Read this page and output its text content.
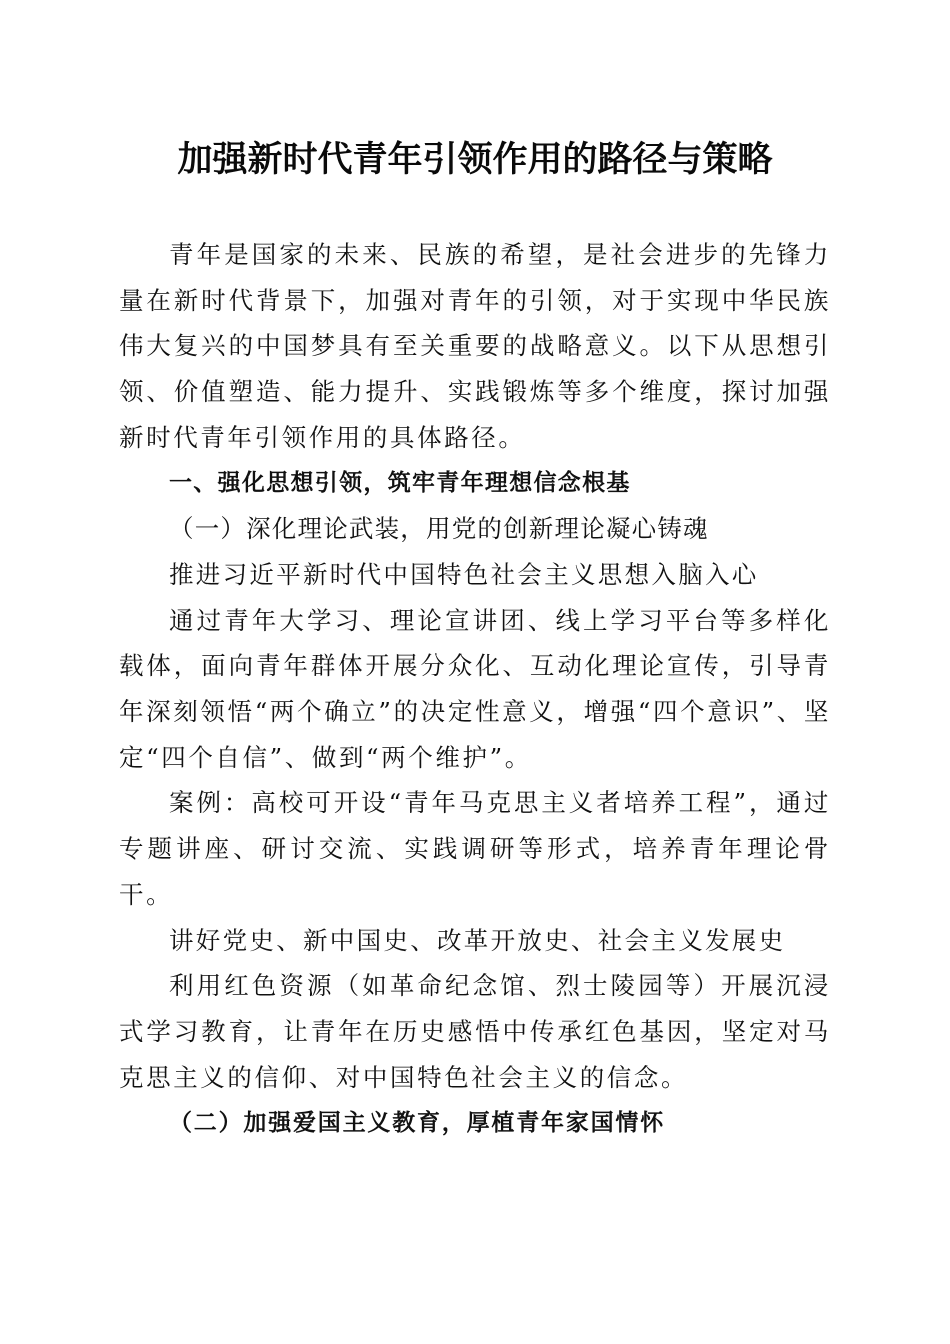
加强新时代青年引领作用的路径与策略

青年是国家的未来、民族的希望，是社会进步的先锋力量在新时代背景下，加强对青年的引领，对于实现中华民族伟大复兴的中国梦具有至关重要的战略意义。以下从思想引领、价值塑造、能力提升、实践锻炼等多个维度，探讨加强新时代青年引领作用的具体路径。

一、强化思想引领，筑牢青年理想信念根基

（一）深化理论武装，用党的创新理论凝心铸魂

推进习近平新时代中国特色社会主义思想入脑入心

通过青年大学习、理论宣讲团、线上学习平台等多样化载体，面向青年群体开展分众化、互动化理论宣传，引导青年深刻领悟“两个确立”的决定性意义，增强“四个意识”、坚定“四个自信”、做到“两个维护”。

案例：高校可开设“青年马克思主义者培养工程”，通过专题讲座、研讨交流、实践调研等形式，培养青年理论骨干。

讲好党史、新中国史、改革开放史、社会主义发展史

利用红色资源（如革命纪念馆、烈士陵园等）开展沉浸式学习教育，让青年在历史感悟中传承红色基因，坚定对马克思主义的信仰、对中国特色社会主义的信念。

（二）加强爱国主义教育，厚植青年家国情怀
